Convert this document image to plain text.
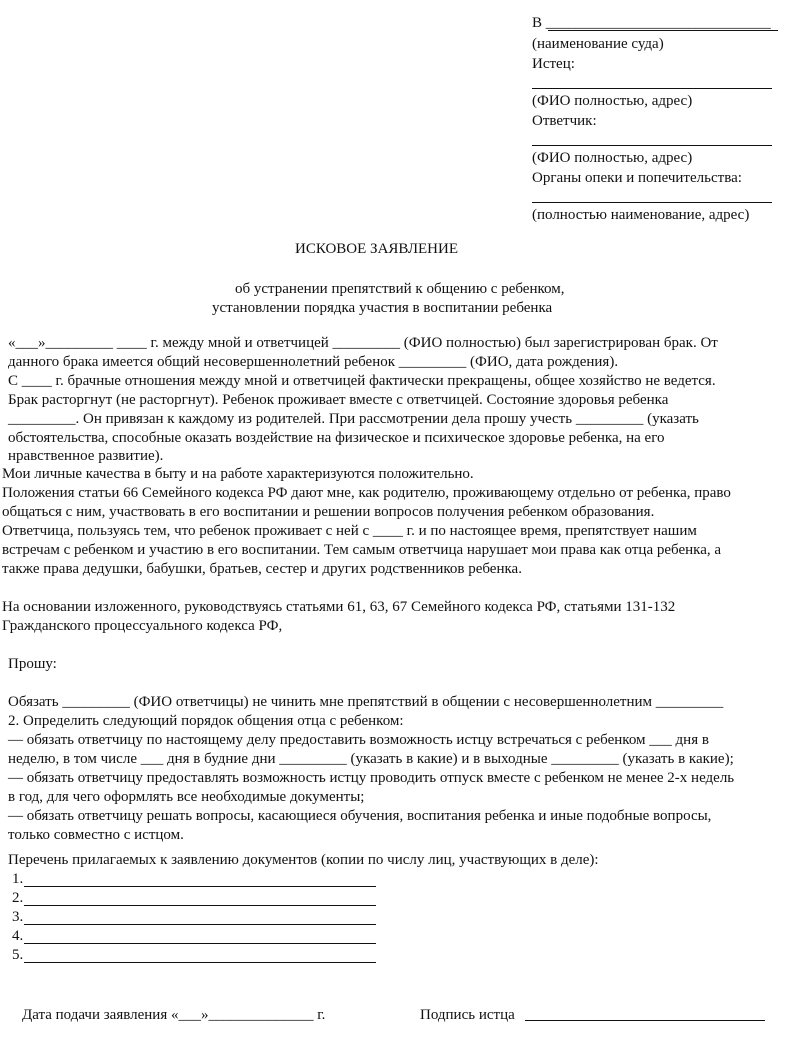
В ______________________________
(наименование суда)
Истец:
(ФИО полностью, адрес)
Ответчик:
(ФИО полностью, адрес)
Органы опеки и попечительства:
(полностью наименование, адрес)
ИСКОВОЕ ЗАЯВЛЕНИЕ
об устранении препятствий к общению с ребенком,
установлении порядка участия в воспитании ребенка
«___»_________ ____ г. между мной и ответчицей _________ (ФИО полностью) был зарегистрирован брак. От
данного брака имеется общий несовершеннолетний ребенок _________ (ФИО, дата рождения).
С ____ г. брачные отношения между мной и ответчицей фактически прекращены, общее хозяйство не ведется.
Брак расторгнут (не расторгнут). Ребенок проживает вместе с ответчицей. Состояние здоровья ребенка
_________. Он привязан к каждому из родителей. При рассмотрении дела прошу учесть _________ (указать
обстоятельства, способные оказать воздействие на физическое и психическое здоровье ребенка, на его
нравственное развитие).
Мои личные качества в быту и на работе характеризуются положительно.
Положения статьи 66 Семейного кодекса РФ дают мне, как родителю, проживающему отдельно от ребенка, право
общаться с ним, участвовать в его воспитании и решении вопросов получения ребенком образования.
Ответчица, пользуясь тем, что ребенок проживает с ней с ____ г. и по настоящее время, препятствует нашим
встречам с ребенком и участию в его воспитании. Тем самым ответчица нарушает мои права как отца ребенка, а
также права дедушки, бабушки, братьев, сестер и других родственников ребенка.
На основании изложенного, руководствуясь статьями 61, 63, 67 Семейного кодекса РФ, статьями 131-132
Гражданского процессуального кодекса РФ,
Прошу:
Обязать _________ (ФИО ответчицы) не чинить мне препятствий в общении с несовершеннолетним _________
2. Определить следующий порядок общения отца с ребенком:
— обязать ответчицу по настоящему делу предоставить возможность истцу встречаться с ребенком ___ дня в
неделю, в том числе ___ дня в будние дни _________ (указать в какие) и в выходные _________ (указать в какие);
— обязать ответчицу предоставлять возможность истцу проводить отпуск вместе с ребенком не менее 2-х недель
в год, для чего оформлять все необходимые документы;
— обязать ответчицу решать вопросы, касающиеся обучения, воспитания ребенка и иные подобные вопросы,
только совместно с истцом.
Перечень прилагаемых к заявлению документов (копии по числу лиц, участвующих в деле):
1.
2.
3.
4.
5.
Дата подачи заявления «___»______________ г.	Подпись истца
